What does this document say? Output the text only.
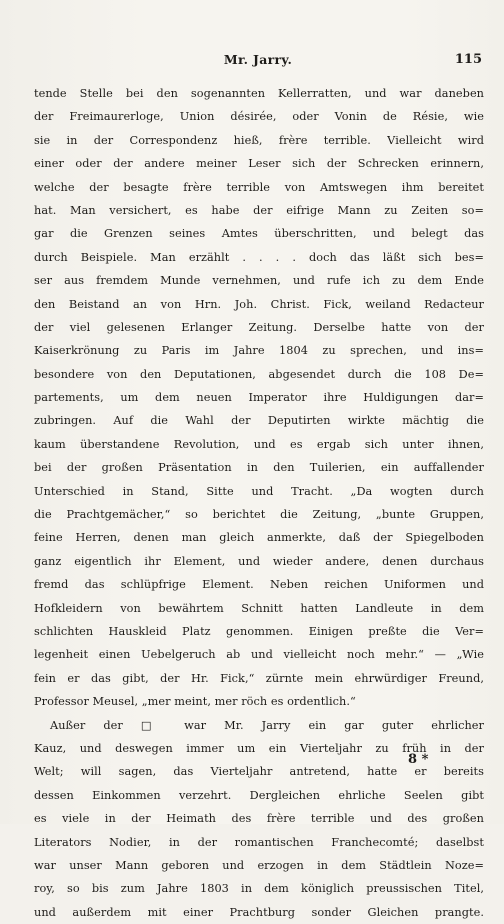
Mr. Jarry.	115
tende Stelle bei den sogenannten Kellerratten, und war daneben
der Freimaurerloge, Union désirée, oder Vonin de Résie, wie
sie in der Correspondenz hieß, frère terrible. Vielleicht wird
einer oder der andere meiner Leser sich der Schrecken erinnern,
welche der besagte frère terrible von Amtswegen ihm bereitet
hat. Man versichert, es habe der eifrige Mann zu Zeiten so=
gar die Grenzen seines Amtes überschritten, und belegt das
durch Beispiele. Man erzählt . . . . doch das läßt sich bes=
ser aus fremdem Munde vernehmen, und rufe ich zu dem Ende
den Beistand an von Hrn. Joh. Christ. Fick, weiland Redacteur
der viel gelesenen Erlanger Zeitung. Derselbe hatte von der
Kaiserkrönung zu Paris im Jahre 1804 zu sprechen, und ins=
besondere von den Deputationen, abgesendet durch die 108 De=
partements, um dem neuen Imperator ihre Huldigungen dar=
zubringen. Auf die Wahl der Deputirten wirkte mächtig die
kaum überstandene Revolution, und es ergab sich unter ihnen,
bei der großen Präsentation in den Tuilerien, ein auffallender
Unterschied in Stand, Sitte und Tracht. „Da wogten durch
die Prachtgemächer,“ so berichtet die Zeitung, „bunte Gruppen,
feine Herren, denen man gleich anmerkte, daß der Spiegelboden
ganz eigentlich ihr Element, und wieder andere, denen durchaus
fremd das schlüpfrige Element. Neben reichen Uniformen und
Hofkleidern von bewährtem Schnitt hatten Landleute in dem
schlichten Hauskleid Platz genommen. Einigen preßte die Ver=
legenheit einen Uebelgeruch ab und vielleicht noch mehr.“ — „Wie
fein er das gibt, der Hr. Fick,“ zürnte mein ehrwürdiger Freund,
Professor Meusel, „mer meint, mer röch es ordentlich.“
Außer der □ war Mr. Jarry ein gar guter ehrlicher
Kauz, und deswegen immer um ein Vierteljahr zu früh in der
Welt; will sagen, das Vierteljahr antretend, hatte er bereits
dessen Einkommen verzehrt. Dergleichen ehrliche Seelen gibt
es viele in der Heimath des frère terrible und des großen
Literators Nodier, in der romantischen Franchecomté; daselbst
war unser Mann geboren und erzogen in dem Städtlein Noze=
roy, so bis zum Jahre 1803 in dem königlich preussischen Titel,
und außerdem mit einer Prachtburg sonder Gleichen prangte.
8 *
